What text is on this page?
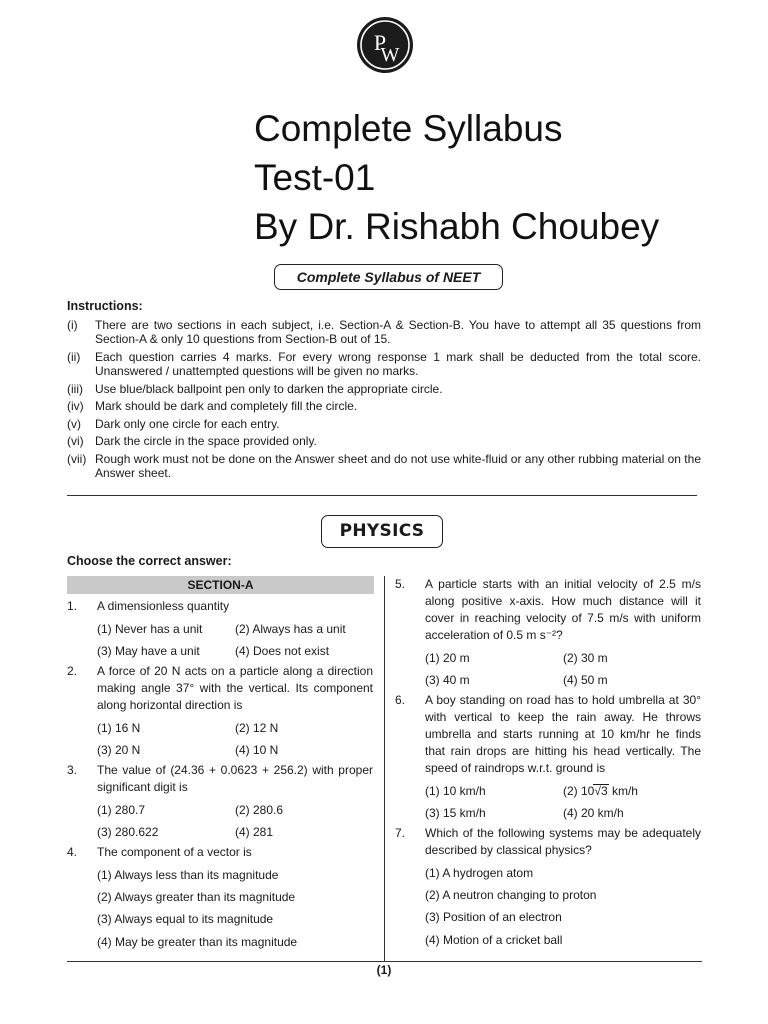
P
W
Complete Syllabus
Test-01
By Dr. Rishabh Choubey
Complete Syllabus of NEET
Instructions:
(i)	There are two sections in each subject, i.e. Section-A & Section-B. You have to attempt all 35 questions from Section-A & only 10 questions from Section-B out of 15.
(ii)	Each question carries 4 marks. For every wrong response 1 mark shall be deducted from the total score. Unanswered / unattempted questions will be given no marks.
(iii)	Use blue/black ballpoint pen only to darken the appropriate circle.
(iv) Mark should be dark and completely fill the circle.
(v)	Dark only one circle for each entry.
(vi) Dark the circle in the space provided only.
(vii) Rough work must not be done on the Answer sheet and do not use white-fluid or any other rubbing material on the Answer sheet.
PHYSICS
Choose the correct answer:
SECTION-A
1.	A dimensionless quantity
(1) Never has a unit	(2) Always has a unit
(3) May have a unit	(4) Does not exist
2.	A force of 20 N acts on a particle along a direction making angle 37° with the vertical. Its component along horizontal direction is
(1) 16 N	(2) 12 N
(3) 20 N	(4) 10 N
3.	The value of (24.36 + 0.0623 + 256.2) with proper significant digit is
(1) 280.7	(2) 280.6
(3) 280.622	(4) 281
4.	The component of a vector is
(1) Always less than its magnitude
(2) Always greater than its magnitude
(3) Always equal to its magnitude
(4) May be greater than its magnitude
5.	A particle starts with an initial velocity of 2.5 m/s along positive x-axis. How much distance will it cover in reaching velocity of 7.5 m/s with uniform acceleration of 0.5 m s⁻²?
(1) 20 m	(2) 30 m
(3) 40 m	(4) 50 m
6.	A boy standing on road has to hold umbrella at 30° with vertical to keep the rain away. He throws umbrella and starts running at 10 km/hr he finds that rain drops are hitting his head vertically. The speed of raindrops w.r.t. ground is
(1) 10 km/h	(2) 10√3 km/h
(3) 15 km/h	(4) 20 km/h
7.	Which of the following systems may be adequately described by classical physics?
(1) A hydrogen atom
(2) A neutron changing to proton
(3) Position of an electron
(4) Motion of a cricket ball
(1)
